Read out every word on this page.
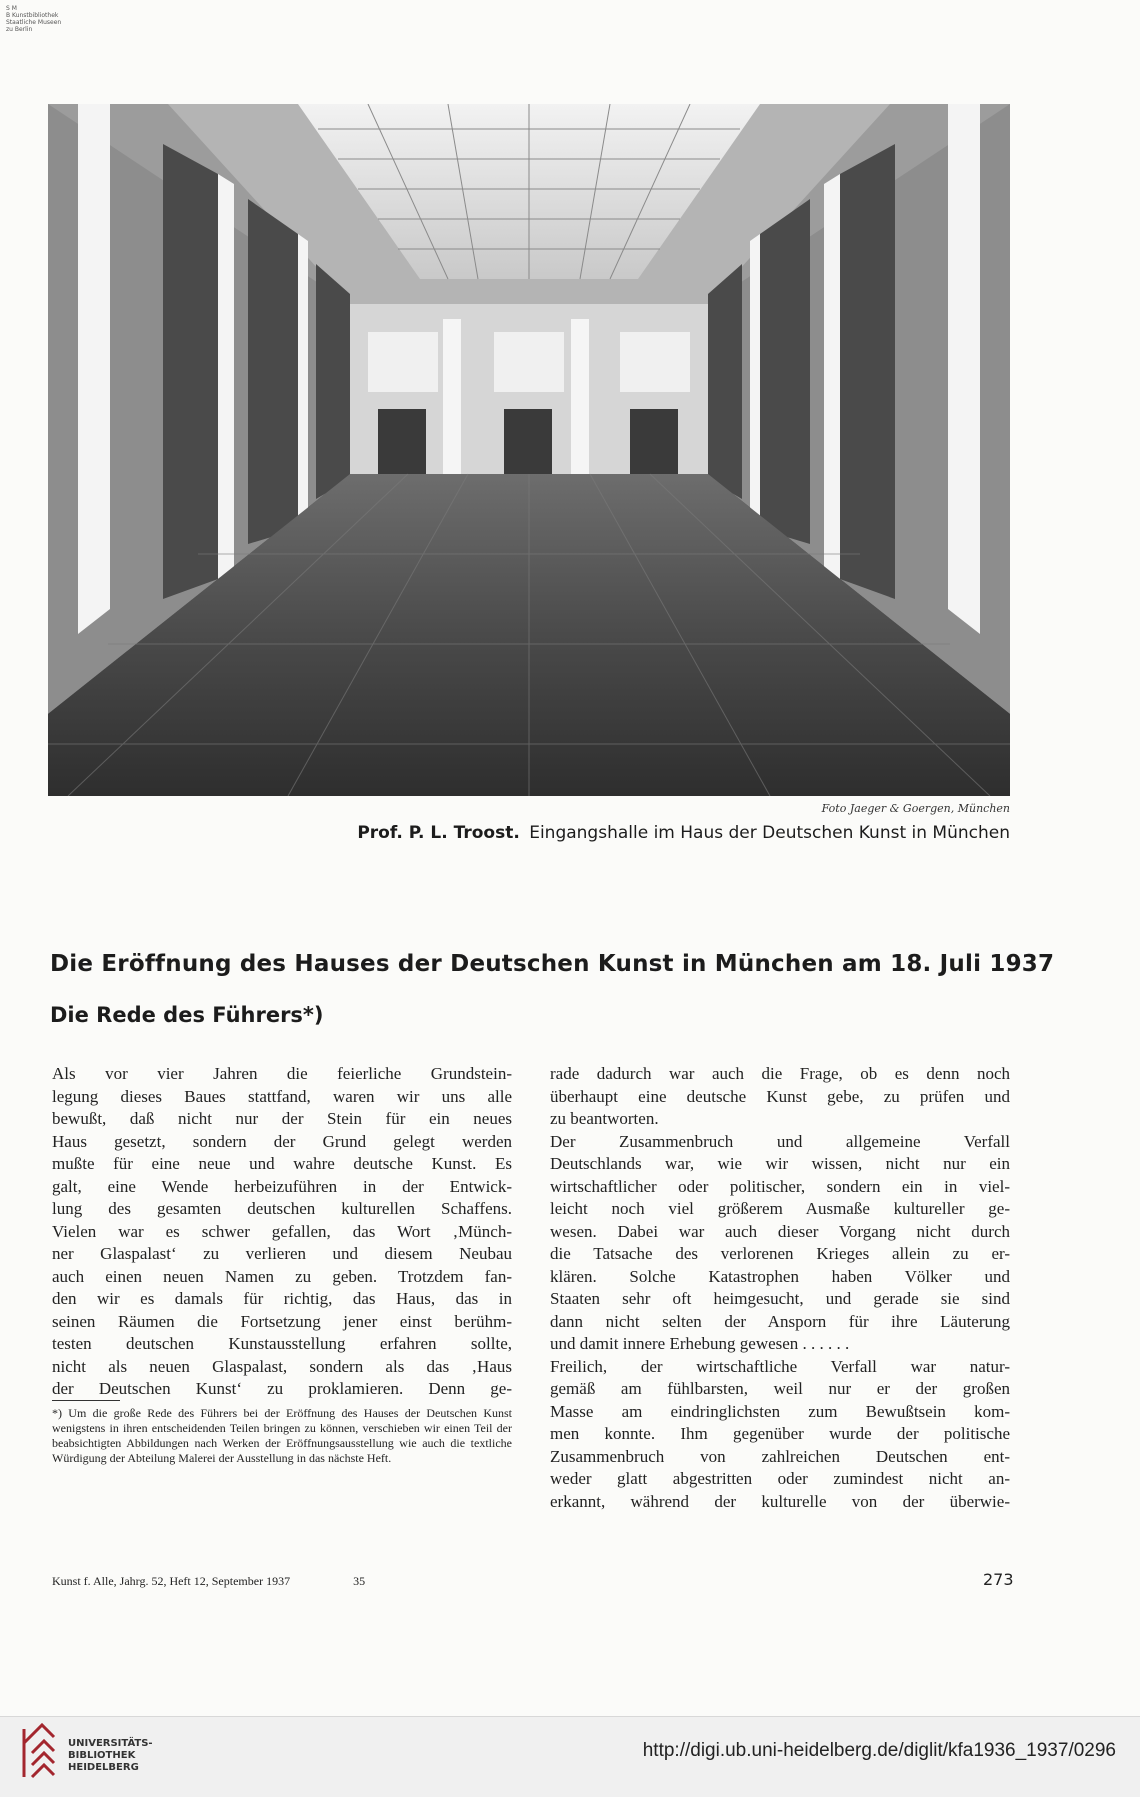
S M
B Kunstbibliothek
Staatliche Museen
zu Berlin
Foto Jaeger & Goergen, München
Prof. P. L. Troost. Eingangshalle im Haus der Deutschen Kunst in München
Die Eröffnung des Hauses der Deutschen Kunst in München am 18. Juli 1937
Die Rede des Führers*)

Als vor vier Jahren die feierliche Grundstein-

legung dieses Baues stattfand, waren wir uns alle

bewußt, daß nicht nur der Stein für ein neues

Haus gesetzt, sondern der Grund gelegt werden

mußte für eine neue und wahre deutsche Kunst. Es

galt, eine Wende herbeizuführen in der Entwick-

lung des gesamten deutschen kulturellen Schaffens.

Vielen war es schwer gefallen, das Wort ‚Münch-

ner Glaspalast‘ zu verlieren und diesem Neubau

auch einen neuen Namen zu geben. Trotzdem fan-

den wir es damals für richtig, das Haus, das in

seinen Räumen die Fortsetzung jener einst berühm-

testen deutschen Kunstausstellung erfahren sollte,

nicht als neuen Glaspalast, sondern als das ‚Haus

der Deutschen Kunst‘ zu proklamieren. Denn ge-

rade dadurch war auch die Frage, ob es denn noch

überhaupt eine deutsche Kunst gebe, zu prüfen und

zu beantworten.

Der Zusammenbruch und allgemeine Verfall

Deutschlands war, wie wir wissen, nicht nur ein

wirtschaftlicher oder politischer, sondern ein in viel-

leicht noch viel größerem Ausmaße kultureller ge-

wesen. Dabei war auch dieser Vorgang nicht durch

die Tatsache des verlorenen Krieges allein zu er-

klären. Solche Katastrophen haben Völker und

Staaten sehr oft heimgesucht, und gerade sie sind

dann nicht selten der Ansporn für ihre Läuterung

und damit innere Erhebung gewesen . . . . . .

Freilich, der wirtschaftliche Verfall war natur-

gemäß am fühlbarsten, weil nur er der großen

Masse am eindringlichsten zum Bewußtsein kom-

men konnte. Ihm gegenüber wurde der politische

Zusammenbruch von zahlreichen Deutschen ent-

weder glatt abgestritten oder zumindest nicht an-

erkannt, während der kulturelle von der überwie-

*) Um die große Rede des Führers bei der Eröffnung des Hauses der Deutschen Kunst wenigstens in ihren entscheidenden Teilen bringen zu können, verschieben wir einen Teil der beabsichtigten Abbildungen nach Werken der Eröffnungsausstellung wie auch die textliche Würdigung der Abteilung Malerei der Ausstellung in das nächste Heft.
Kunst f. Alle, Jahrg. 52, Heft 12, September 1937	35	273
UNIVERSITÄTS-
BIBLIOTHEK
HEIDELBERG
http://digi.ub.uni-heidelberg.de/diglit/kfa1936_1937/0296
